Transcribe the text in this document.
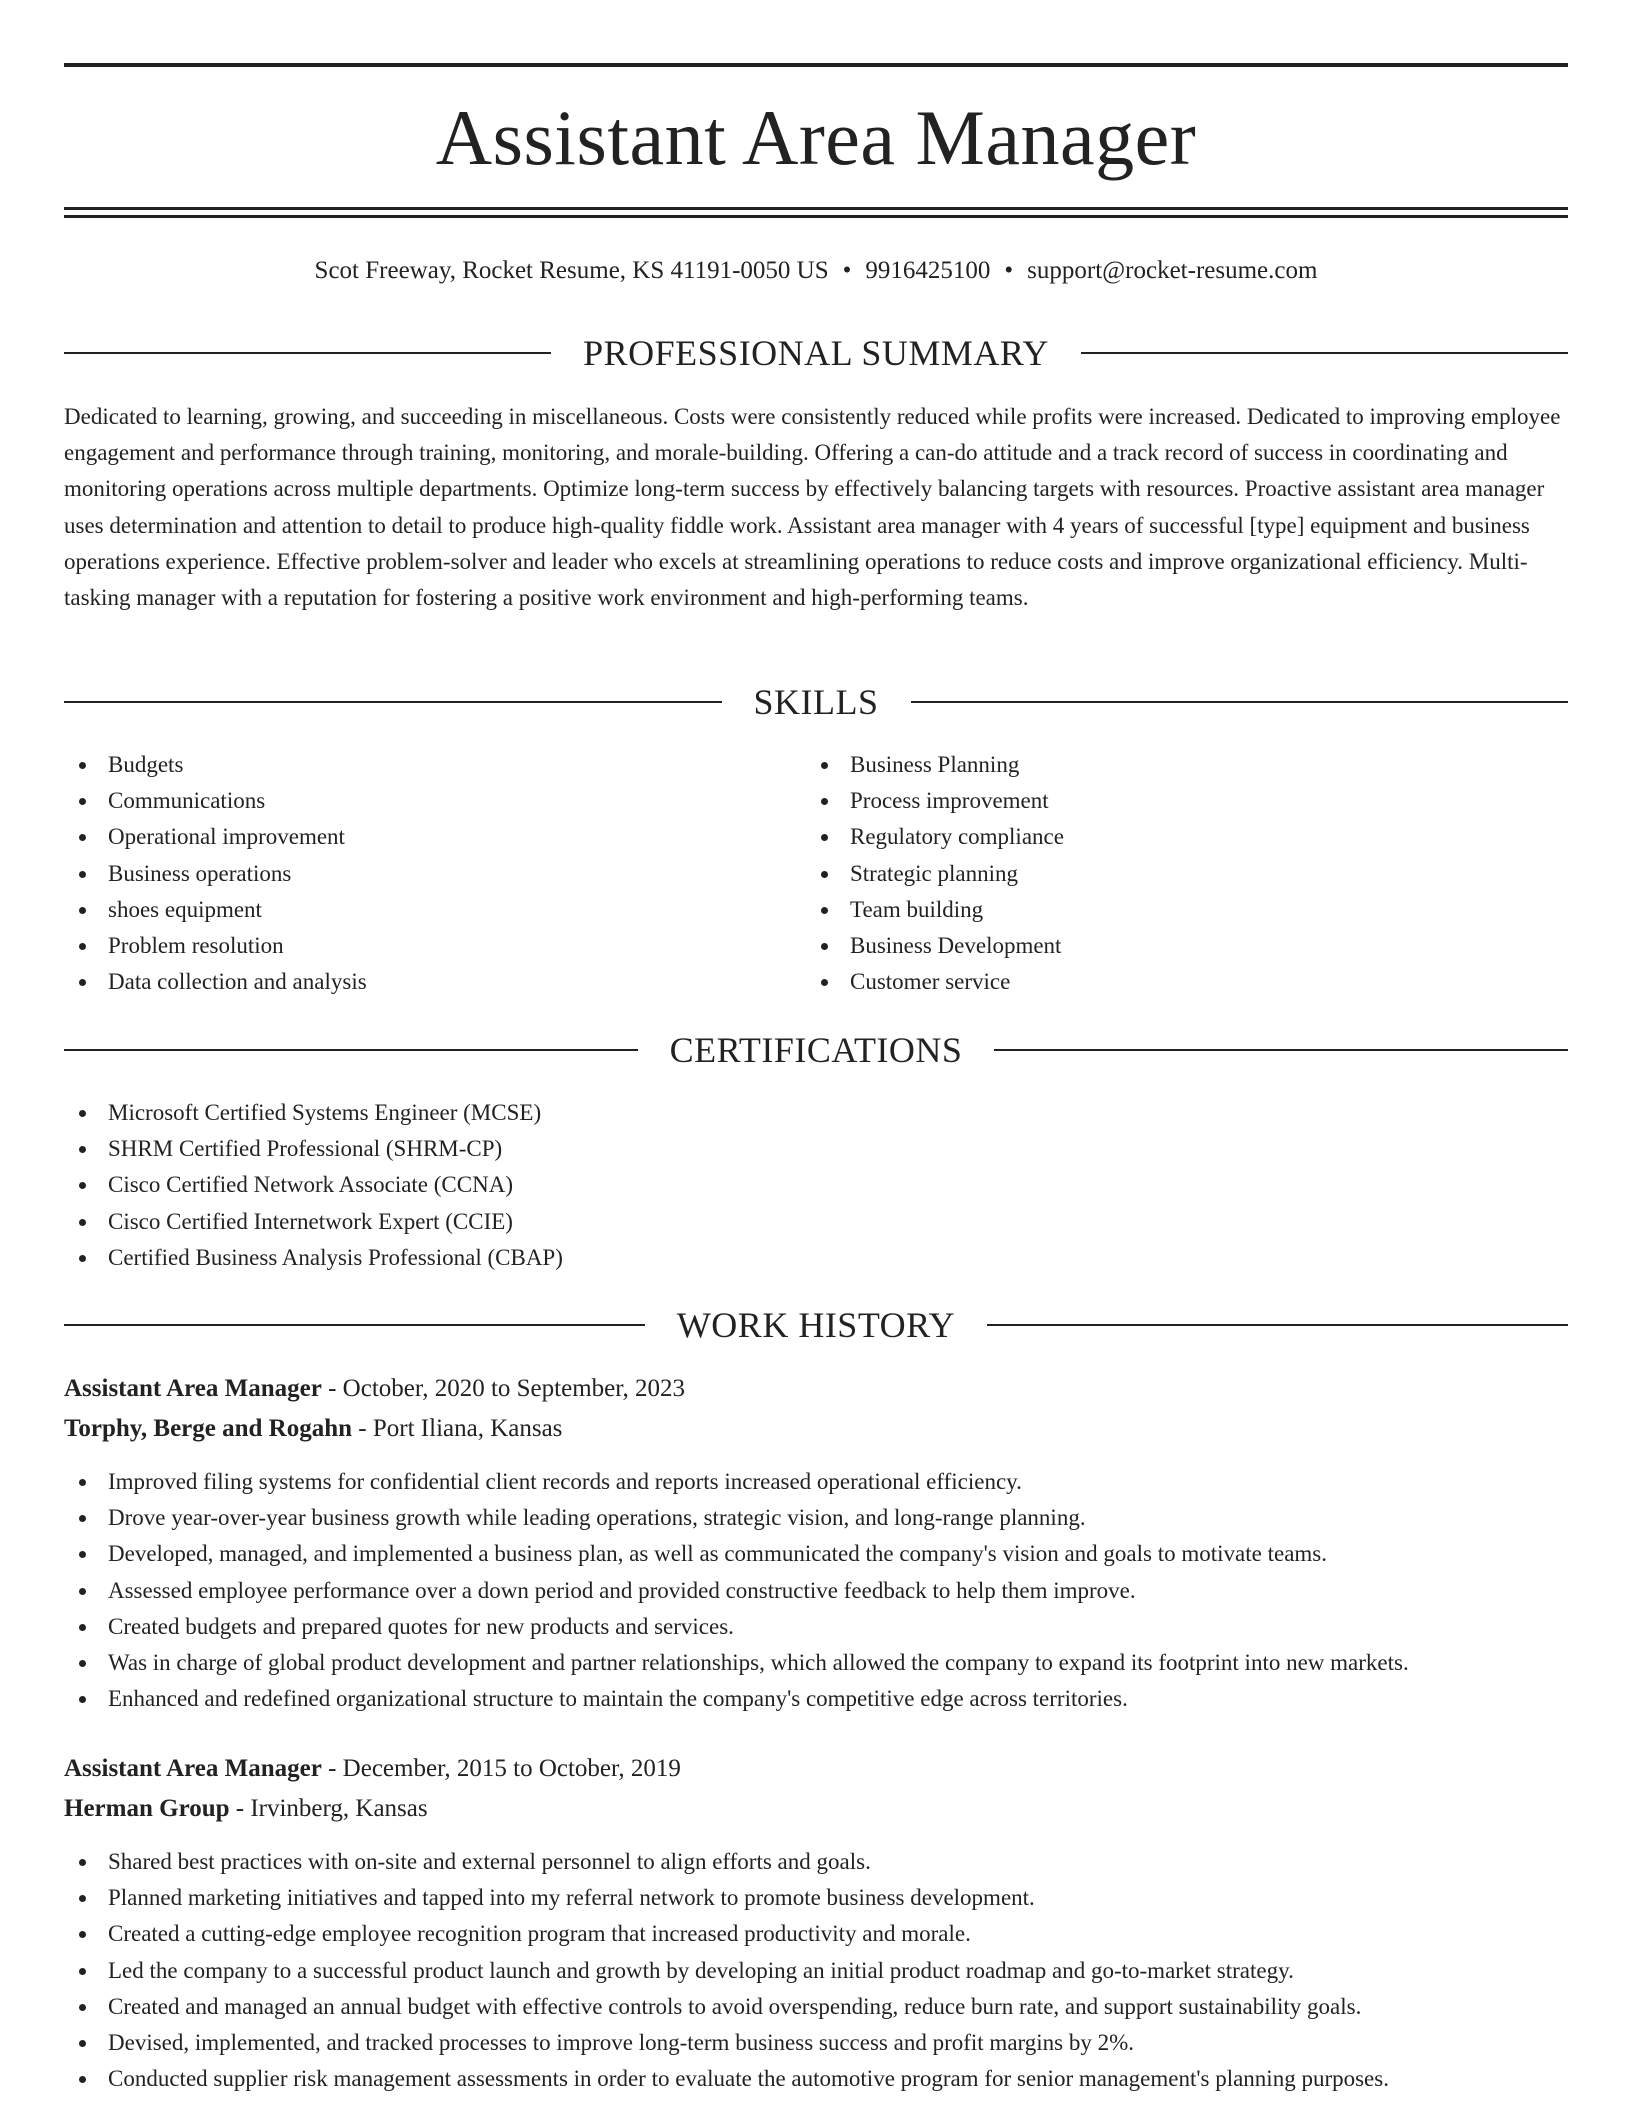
Assistant Area Manager
Scot Freeway, Rocket Resume, KS 41191-0050 US • 9916425100 • support@rocket-resume.com
PROFESSIONAL SUMMARY

Dedicated to learning, growing, and succeeding in miscellaneous. Costs were consistently reduced while profits were increased. Dedicated to improving employee engagement and performance through training, monitoring, and morale-building. Offering a can-do attitude and a track record of success in coordinating and monitoring operations across multiple departments. Optimize long-term success by effectively balancing targets with resources. Proactive assistant area manager uses determination and attention to detail to produce high-quality fiddle work. Assistant area manager with 4 years of successful [type] equipment and business operations experience. Effective problem-solver and leader who excels at streamlining operations to reduce costs and improve organizational efficiency. Multi-tasking manager with a reputation for fostering a positive work environment and high-performing teams.

SKILLS
Budgets
Communications
Operational improvement
Business operations
shoes equipment
Problem resolution
Data collection and analysis
Business Planning
Process improvement
Regulatory compliance
Strategic planning
Team building
Business Development
Customer service
CERTIFICATIONS
Microsoft Certified Systems Engineer (MCSE)
SHRM Certified Professional (SHRM-CP)
Cisco Certified Network Associate (CCNA)
Cisco Certified Internetwork Expert (CCIE)
Certified Business Analysis Professional (CBAP)
WORK HISTORY
Assistant Area Manager - October, 2020 to September, 2023
Torphy, Berge and Rogahn - Port Iliana, Kansas
Improved filing systems for confidential client records and reports increased operational efficiency.
Drove year-over-year business growth while leading operations, strategic vision, and long-range planning.
Developed, managed, and implemented a business plan, as well as communicated the company's vision and goals to motivate teams.
Assessed employee performance over a down period and provided constructive feedback to help them improve.
Created budgets and prepared quotes for new products and services.
Was in charge of global product development and partner relationships, which allowed the company to expand its footprint into new markets.
Enhanced and redefined organizational structure to maintain the company's competitive edge across territories.
Assistant Area Manager - December, 2015 to October, 2019
Herman Group - Irvinberg, Kansas
Shared best practices with on-site and external personnel to align efforts and goals.
Planned marketing initiatives and tapped into my referral network to promote business development.
Created a cutting-edge employee recognition program that increased productivity and morale.
Led the company to a successful product launch and growth by developing an initial product roadmap and go-to-market strategy.
Created and managed an annual budget with effective controls to avoid overspending, reduce burn rate, and support sustainability goals.
Devised, implemented, and tracked processes to improve long-term business success and profit margins by 2%.
Conducted supplier risk management assessments in order to evaluate the automotive program for senior management's planning purposes.
